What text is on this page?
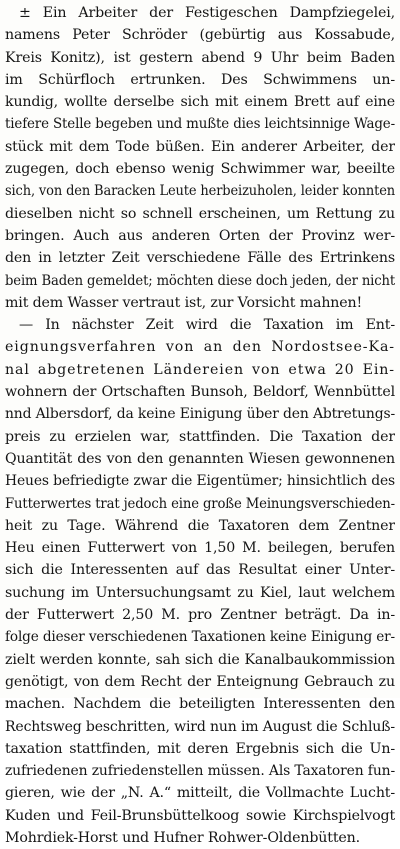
± Ein Arbeiter der Festigeschen Dampfziegelei,
namens Peter Schröder (gebürtig aus Kossabude,
Kreis Konitz), ist gestern abend 9 Uhr beim Baden
im Schürfloch ertrunken. Des Schwimmens un-
kundig, wollte derselbe sich mit einem Brett auf eine
tiefere Stelle begeben und mußte dies leichtsinnige Wage-
stück mit dem Tode büßen. Ein anderer Arbeiter, der
zugegen, doch ebenso wenig Schwimmer war, beeilte
sich, von den Baracken Leute herbeizuholen, leider konnten
dieselben nicht so schnell erscheinen, um Rettung zu
bringen. Auch aus anderen Orten der Provinz wer-
den in letzter Zeit verschiedene Fälle des Ertrinkens
beim Baden gemeldet; möchten diese doch jeden, der nicht
mit dem Wasser vertraut ist, zur Vorsicht mahnen!
— In nächster Zeit wird die Taxation im Ent-
eignungsverfahren von an den Nordostsee-Ka-
nal abgetretenen Ländereien von etwa 20 Ein-
wohnern der Ortschaften Bunsoh, Beldorf, Wennbüttel
nnd Albersdorf, da keine Einigung über den Abtretungs-
preis zu erzielen war, stattfinden. Die Taxation der
Quantität des von den genannten Wiesen gewonnenen
Heues befriedigte zwar die Eigentümer; hinsichtlich des
Futterwertes trat jedoch eine große Meinungsverschieden-
heit zu Tage. Während die Taxatoren dem Zentner
Heu einen Futterwert von 1,50 M. beilegen, berufen
sich die Interessenten auf das Resultat einer Unter-
suchung im Untersuchungsamt zu Kiel, laut welchem
der Futterwert 2,50 M. pro Zentner beträgt. Da in-
folge dieser verschiedenen Taxationen keine Einigung er-
zielt werden konnte, sah sich die Kanalbaukommission
genötigt, von dem Recht der Enteignung Gebrauch zu
machen. Nachdem die beteiligten Interessenten den
Rechtsweg beschritten, wird nun im August die Schluß-
taxation stattfinden, mit deren Ergebnis sich die Un-
zufriedenen zufriedenstellen müssen. Als Taxatoren fun-
gieren, wie der „N. A.“ mitteilt, die Vollmachte Lucht-
Kuden und Feil-Brunsbüttelkoog sowie Kirchspielvogt
Mohrdiek-Horst und Hufner Rohwer-Oldenbütten.
